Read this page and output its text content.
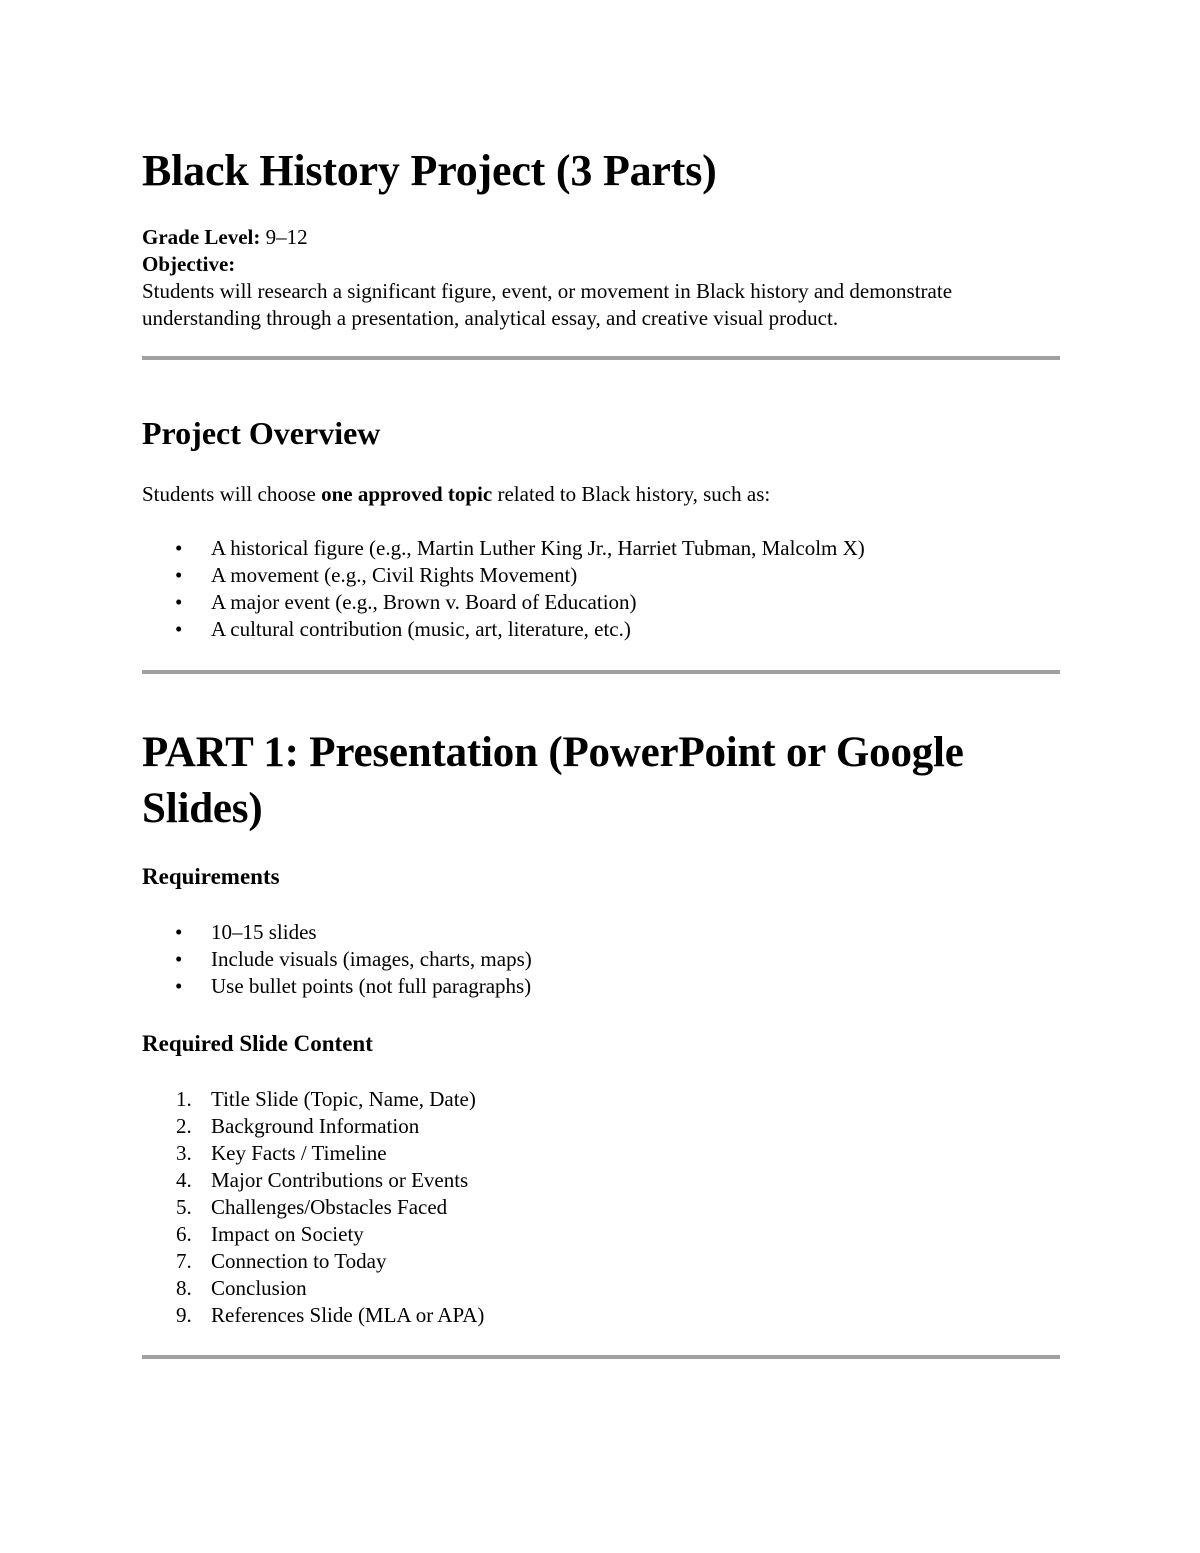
Black History Project (3 Parts)

Grade Level: 9–12

Objective:

Students will research a significant figure, event, or movement in Black history and demonstrate understanding through a presentation, analytical essay, and creative visual product.

Project Overview

Students will choose one approved topic related to Black history, such as:

• A historical figure (e.g., Martin Luther King Jr., Harriet Tubman, Malcolm X)
• A movement (e.g., Civil Rights Movement)
• A major event (e.g., Brown v. Board of Education)
• A cultural contribution (music, art, literature, etc.)
PART 1: Presentation (PowerPoint or Google Slides)
Requirements
• 10–15 slides
• Include visuals (images, charts, maps)
• Use bullet points (not full paragraphs)
Required Slide Content
1. Title Slide (Topic, Name, Date)
2. Background Information
3. Key Facts / Timeline
4. Major Contributions or Events
5. Challenges/Obstacles Faced
6. Impact on Society
7. Connection to Today
8. Conclusion
9. References Slide (MLA or APA)
